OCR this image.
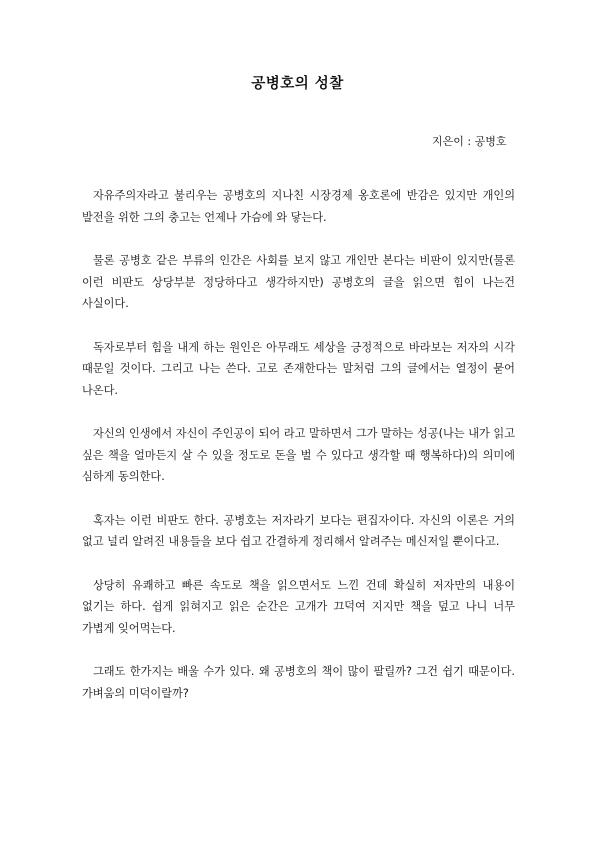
공병호의 성찰
지은이 : 공병호

자유주의자라고 불리우는 공병호의 지나친 시장경제 옹호론에 반감은 있지만 개인의 발전을 위한 그의 충고는 언제나 가슴에 와 닿는다.

물론 공병호 같은 부류의 인간은 사회를 보지 않고 개인만 본다는 비판이 있지만(물론 이런 비판도 상당부분 정당하다고 생각하지만) 공병호의 글을 읽으면 힘이 나는건 사실이다.

독자로부터 힘을 내게 하는 원인은 아무래도 세상을 긍정적으로 바라보는 저자의 시각 때문일 것이다. 그리고 나는 쓴다. 고로 존재한다는 말처럼 그의 글에서는 열정이 묻어 나온다.

자신의 인생에서 자신이 주인공이 되어 라고 말하면서 그가 말하는 성공(나는 내가 읽고 싶은 책을 얼마든지 살 수 있을 정도로 돈을 벌 수 있다고 생각할 때 행복하다)의 의미에 심하게 동의한다.

혹자는 이런 비판도 한다. 공병호는 저자라기 보다는 편집자이다. 자신의 이론은 거의 없고 널리 알려진 내용들을 보다 쉽고 간결하게 정리해서 알려주는 메신저일 뿐이다고.

상당히 유쾌하고 빠른 속도로 책을 읽으면서도 느낀 건데 확실히 저자만의 내용이 없기는 하다. 쉽게 읽혀지고 읽은 순간은 고개가 끄덕여 지지만 책을 덮고 나니 너무 가볍게 잊어먹는다.

그래도 한가지는 배울 수가 있다. 왜 공병호의 책이 많이 팔릴까? 그건 쉽기 때문이다. 가벼움의 미덕이랄까?
